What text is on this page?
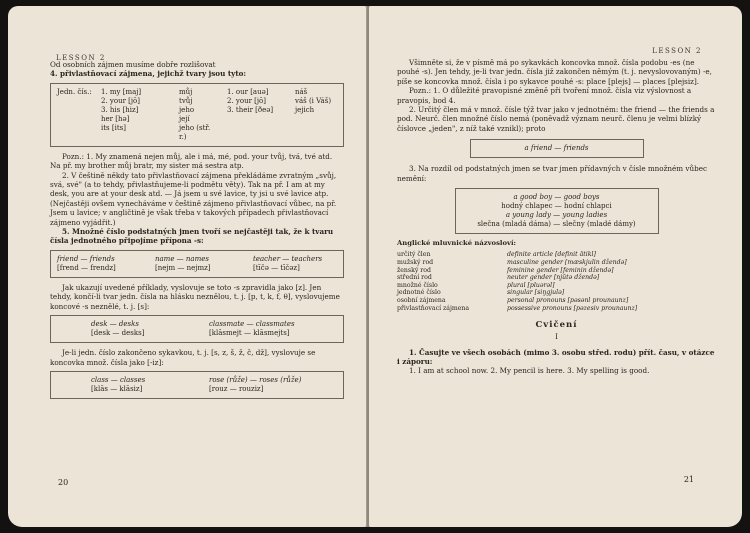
LESSON 2

Od osobních zájmen musíme dobře rozlišovat

4. přivlastňovací zájmena, jejichž tvary jsou tyto:

Jedn. čís.: 1. my [maj]	můj	1. our [auə]	náš
2. your [jō]	tvůj	2. your [jō]	váš (i Váš)
3. his [hiz]	jeho	3. their [ðeə]	jejich
her [hə]	její
its [its]	jeho (stř. r.)

Pozn.: 1. My znamená nejen můj, ale i má, mé, pod. your tvůj, tvá, tvé atd. Na př. my brother můj bratr, my sister má sestra atp.

2. V češtině někdy tato přivlastňovací zájmena překládáme zvratným „svůj, svá, své" (a to tehdy, přivlastňujeme-li podmětu věty). Tak na př. I am at my desk, you are at your desk atd. — Já jsem u své lavice, ty jsi u své lavice atp. (Nejčastěji ovšem vynecháváme v češtině zájmeno přivlastňovací vůbec, na př. Jsem u lavice; v angličtině je však třeba v takových případech přivlastňovací zájmeno vyjádřit.)

5. Množné číslo podstatných jmen tvoří se nejčastěji tak, že k tvaru čísla jednotného připojíme přípona -s:

friend — friends	name — names	teacher — teachers
[frend — frendz]	[nejm — nejmz]	[tīčə — tīčəz]

Jak ukazují uvedené příklady, vyslovuje se toto -s zpravidla jako [z]. Jen tehdy, končí-li tvar jedn. čísla na hlásku neznělou, t. j. [p, t, k, f, θ], vyslovujeme koncové -s neznělé, t. j. [s]:

desk — desks	classmate — classmates
[desk — desks]	[klāsmejt — klāsmejts]

Je-li jedn. číslo zakončeno sykavkou, t. j. [s, z, š, ž, č, dž], vyslovuje se koncovka množ. čísla jako [-iz]:

class — classes	rose (růže) — roses (růže)
[klās — klāsiz]	[rouz — rouziz]
20
LESSON 2

Všimněte si, že v písmě má po sykavkách koncovka množ. čísla podobu -es (ne pouhé -s). Jen tehdy, je-li tvar jedn. čísla již zakončen němým (t. j. nevyslovovaným) -e, píše se koncovka množ. čísla i po sykavce pouhé -s: place [plejs] — places [plejsiz].

Pozn.: 1. O důležité pravopisné změně při tvoření množ. čísla viz výslovnost a pravopis, bod 4.

2. Určitý člen má v množ. čísle týž tvar jako v jednotném: the friend — the friends a pod. Neurč. člen množné číslo nemá (poněvadž význam neurč. členu je velmi blízký číslovce „jeden", z níž také vznikl); proto

a friend — friends

3. Na rozdíl od podstatných jmen se tvar jmen přídavných v čísle množném vůbec nemění:

a good boy — good boys
hodný chlapec — hodní chlapci
a young lady — young ladies
slečna (mladá dáma) — slečny (mladé dámy)

Anglické mluvnické názvosloví:

určitý člen	definite article [definit ātikl]
mužský rod	masculine gender [mæskjulin džendə]
ženský rod	feminine gender [feminin džendə]
střední rod	neuter gender [njūtə džendə]
množné číslo	plural [pluərəl]
jednotné číslo	singular [siŋgjulə]
osobní zájmena	personal pronouns [pəsənl prounaunz]
přivlastňovací zájmena	possessive pronouns [pəzesiv prounaunz]
Cvičení
I

1. Časujte ve všech osobách (mimo 3. osobu střed. rodu) přít. času, v otázce i záporu:

1. I am at school now. 2. My pencil is here. 3. My spelling is good.

21
